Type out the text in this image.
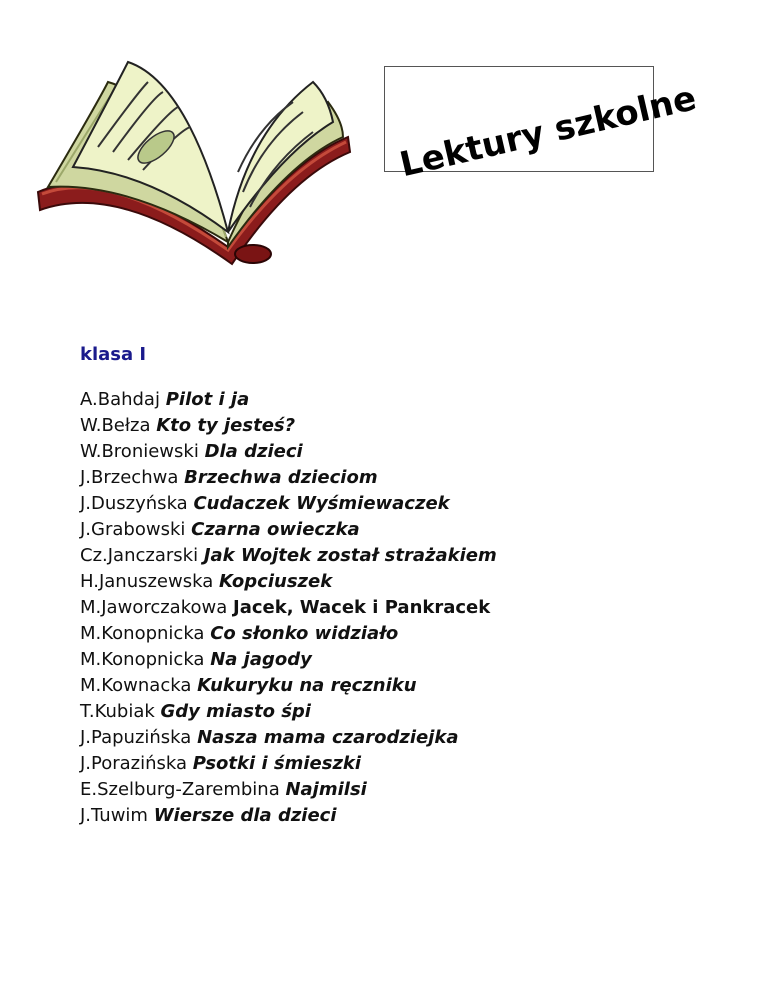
Lektury szkolne
klasa I
A.Bahdaj Pilot i ja
W.Bełza Kto ty jesteś?
W.Broniewski Dla dzieci
J.Brzechwa Brzechwa dzieciom
J.Duszyńska Cudaczek Wyśmiewaczek
J.Grabowski Czarna owieczka
Cz.Janczarski Jak Wojtek został strażakiem
H.Januszewska Kopciuszek
M.Jaworczakowa Jacek, Wacek i Pankracek
M.Konopnicka Co słonko widziało
M.Konopnicka Na jagody
M.Kownacka Kukuryku na ręczniku
T.Kubiak Gdy miasto śpi
J.Papuzińska Nasza mama czarodziejka
J.Porazińska Psotki i śmieszki
E.Szelburg-Zarembina Najmilsi
J.Tuwim Wiersze dla dzieci
